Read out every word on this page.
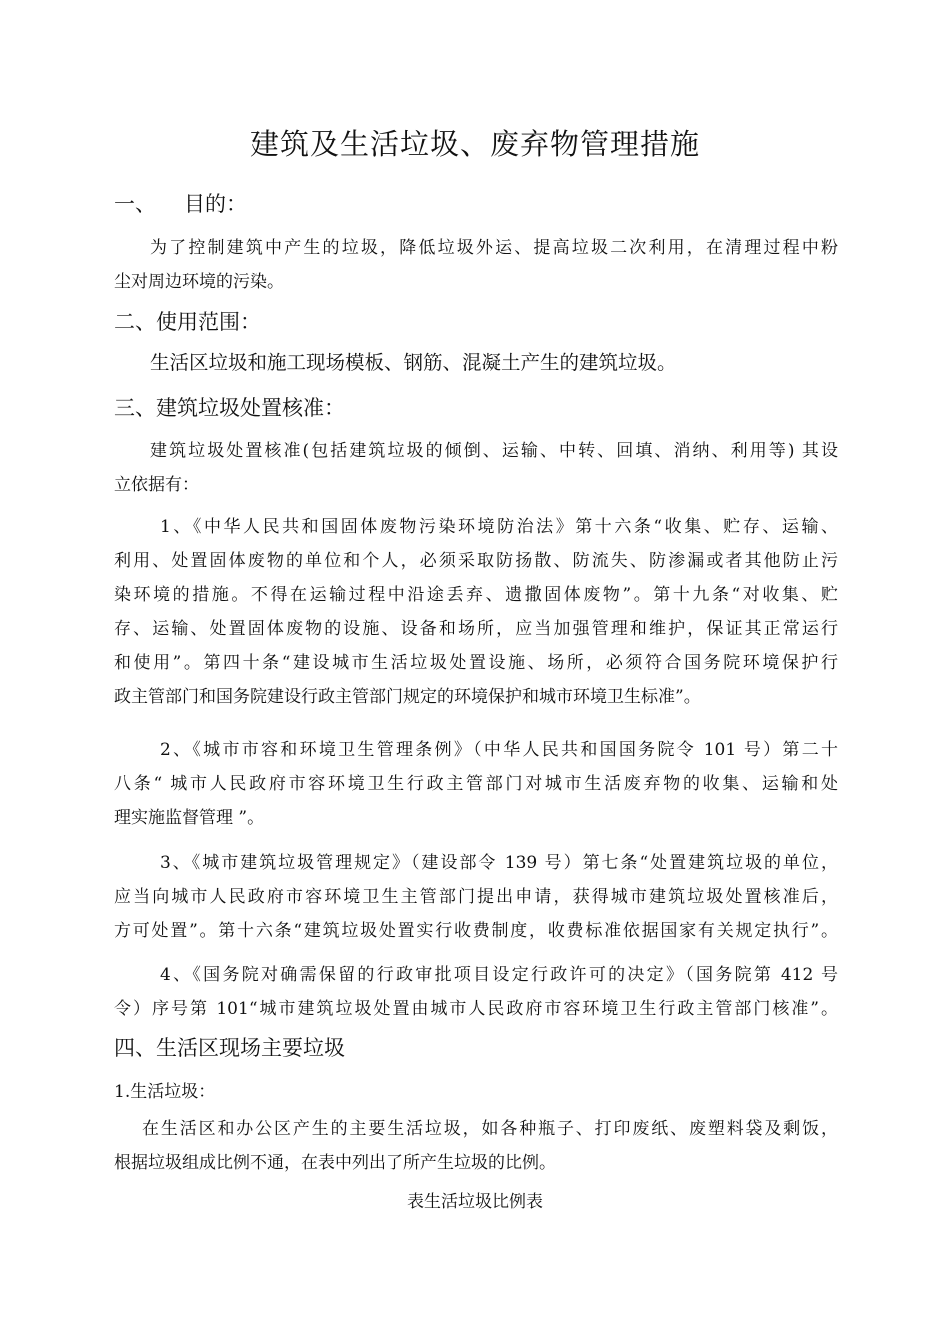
建筑及生活垃圾、废弃物管理措施
一、 目的：
为了控制建筑中产生的垃圾，降低垃圾外运、提高垃圾二次利用，在清理过程中粉
尘对周边环境的污染。
二、使用范围：
生活区垃圾和施工现场模板、钢筋、混凝土产生的建筑垃圾。
三、建筑垃圾处置核准：
建筑垃圾处置核准(包括建筑垃圾的倾倒、运输、中转、回填、消纳、利用等) 其设
立依据有：
1、《中华人民共和国固体废物污染环境防治法》第十六条“收集、贮存、运输、
利用、处置固体废物的单位和个人，必须采取防扬散、防流失、防渗漏或者其他防止污
染环境的措施。不得在运输过程中沿途丢弃、遗撒固体废物”。第十九条“对收集、贮
存、运输、处置固体废物的设施、设备和场所，应当加强管理和维护，保证其正常运行
和使用”。第四十条“建设城市生活垃圾处置设施、场所，必须符合国务院环境保护行
政主管部门和国务院建设行政主管部门规定的环境保护和城市环境卫生标准”。
2、《城市市容和环境卫生管理条例》（中华人民共和国国务院令 101 号）第二十
八条“ 城市人民政府市容环境卫生行政主管部门对城市生活废弃物的收集、运输和处
理实施监督管理 ”。
3、《城市建筑垃圾管理规定》（建设部令 139 号）第七条“处置建筑垃圾的单位，
应当向城市人民政府市容环境卫生主管部门提出申请，获得城市建筑垃圾处置核准后，
方可处置”。第十六条“建筑垃圾处置实行收费制度，收费标准依据国家有关规定执行”。
4、《国务院对确需保留的行政审批项目设定行政许可的决定》（国务院第 412 号
令）序号第 101“城市建筑垃圾处置由城市人民政府市容环境卫生行政主管部门核准”。
四、生活区现场主要垃圾
1.生活垃圾：
在生活区和办公区产生的主要生活垃圾，如各种瓶子、打印废纸、废塑料袋及剩饭，
根据垃圾组成比例不通，在表中列出了所产生垃圾的比例。
表生活垃圾比例表
